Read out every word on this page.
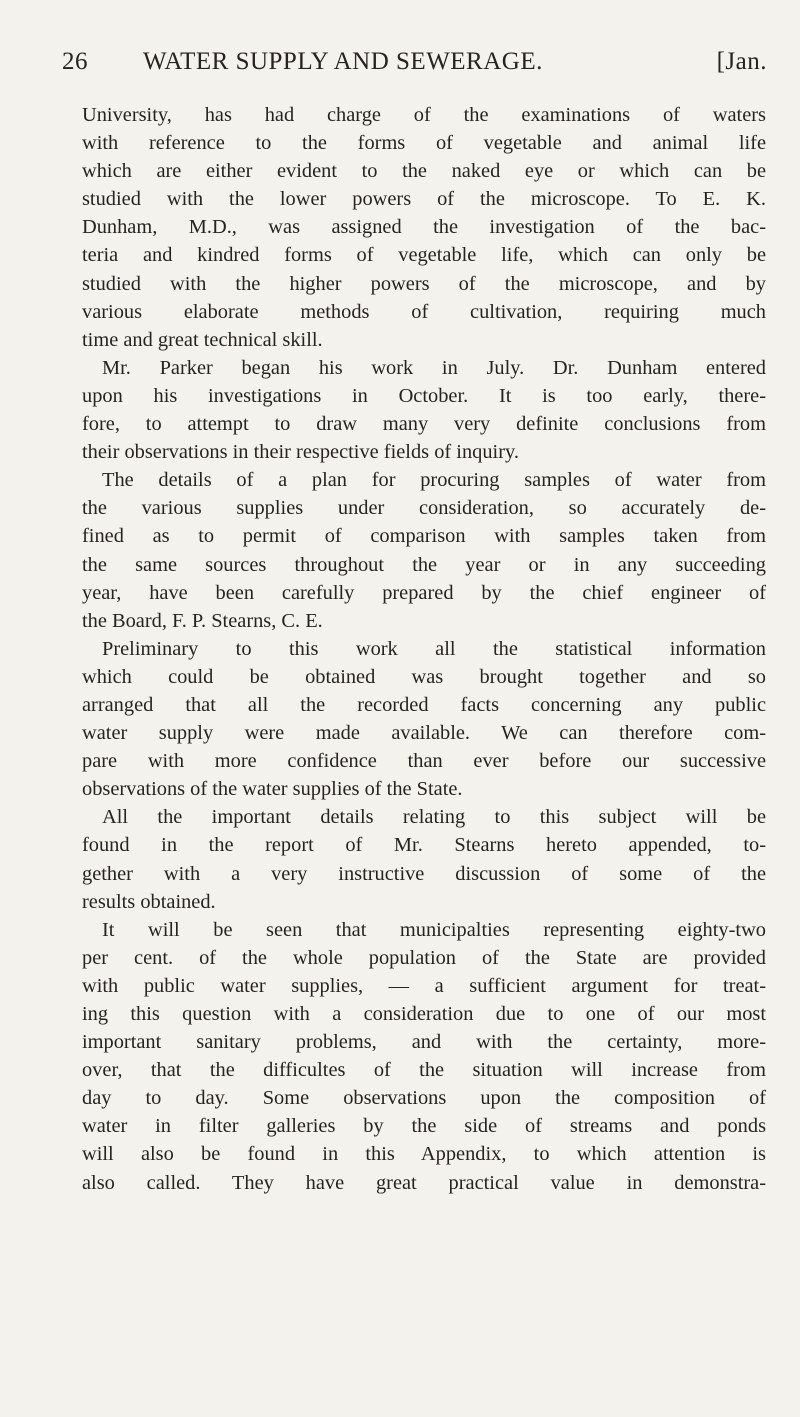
26 WATER SUPPLY AND SEWERAGE.	[Jan.
University, has had charge of the examinations of waters
with reference to the forms of vegetable and animal life
which are either evident to the naked eye or which can be
studied with the lower powers of the microscope. To E. K.
Dunham, M.D., was assigned the investigation of the bac-
teria and kindred forms of vegetable life, which can only be
studied with the higher powers of the microscope, and by
various elaborate methods of cultivation, requiring much
time and great technical skill.
Mr. Parker began his work in July. Dr. Dunham entered
upon his investigations in October. It is too early, there-
fore, to attempt to draw many very definite conclusions from
their observations in their respective fields of inquiry.
The details of a plan for procuring samples of water from
the various supplies under consideration, so accurately de-
fined as to permit of comparison with samples taken from
the same sources throughout the year or in any succeeding
year, have been carefully prepared by the chief engineer of
the Board, F. P. Stearns, C. E.
Preliminary to this work all the statistical information
which could be obtained was brought together and so
arranged that all the recorded facts concerning any public
water supply were made available. We can therefore com-
pare with more confidence than ever before our successive
observations of the water supplies of the State.
All the important details relating to this subject will be
found in the report of Mr. Stearns hereto appended, to-
gether with a very instructive discussion of some of the
results obtained.
It will be seen that municipalties representing eighty-two
per cent. of the whole population of the State are provided
with public water supplies, — a sufficient argument for treat-
ing this question with a consideration due to one of our most
important sanitary problems, and with the certainty, more-
over, that the difficultes of the situation will increase from
day to day. Some observations upon the composition of
water in filter galleries by the side of streams and ponds
will also be found in this Appendix, to which attention is
also called. They have great practical value in demonstra-
